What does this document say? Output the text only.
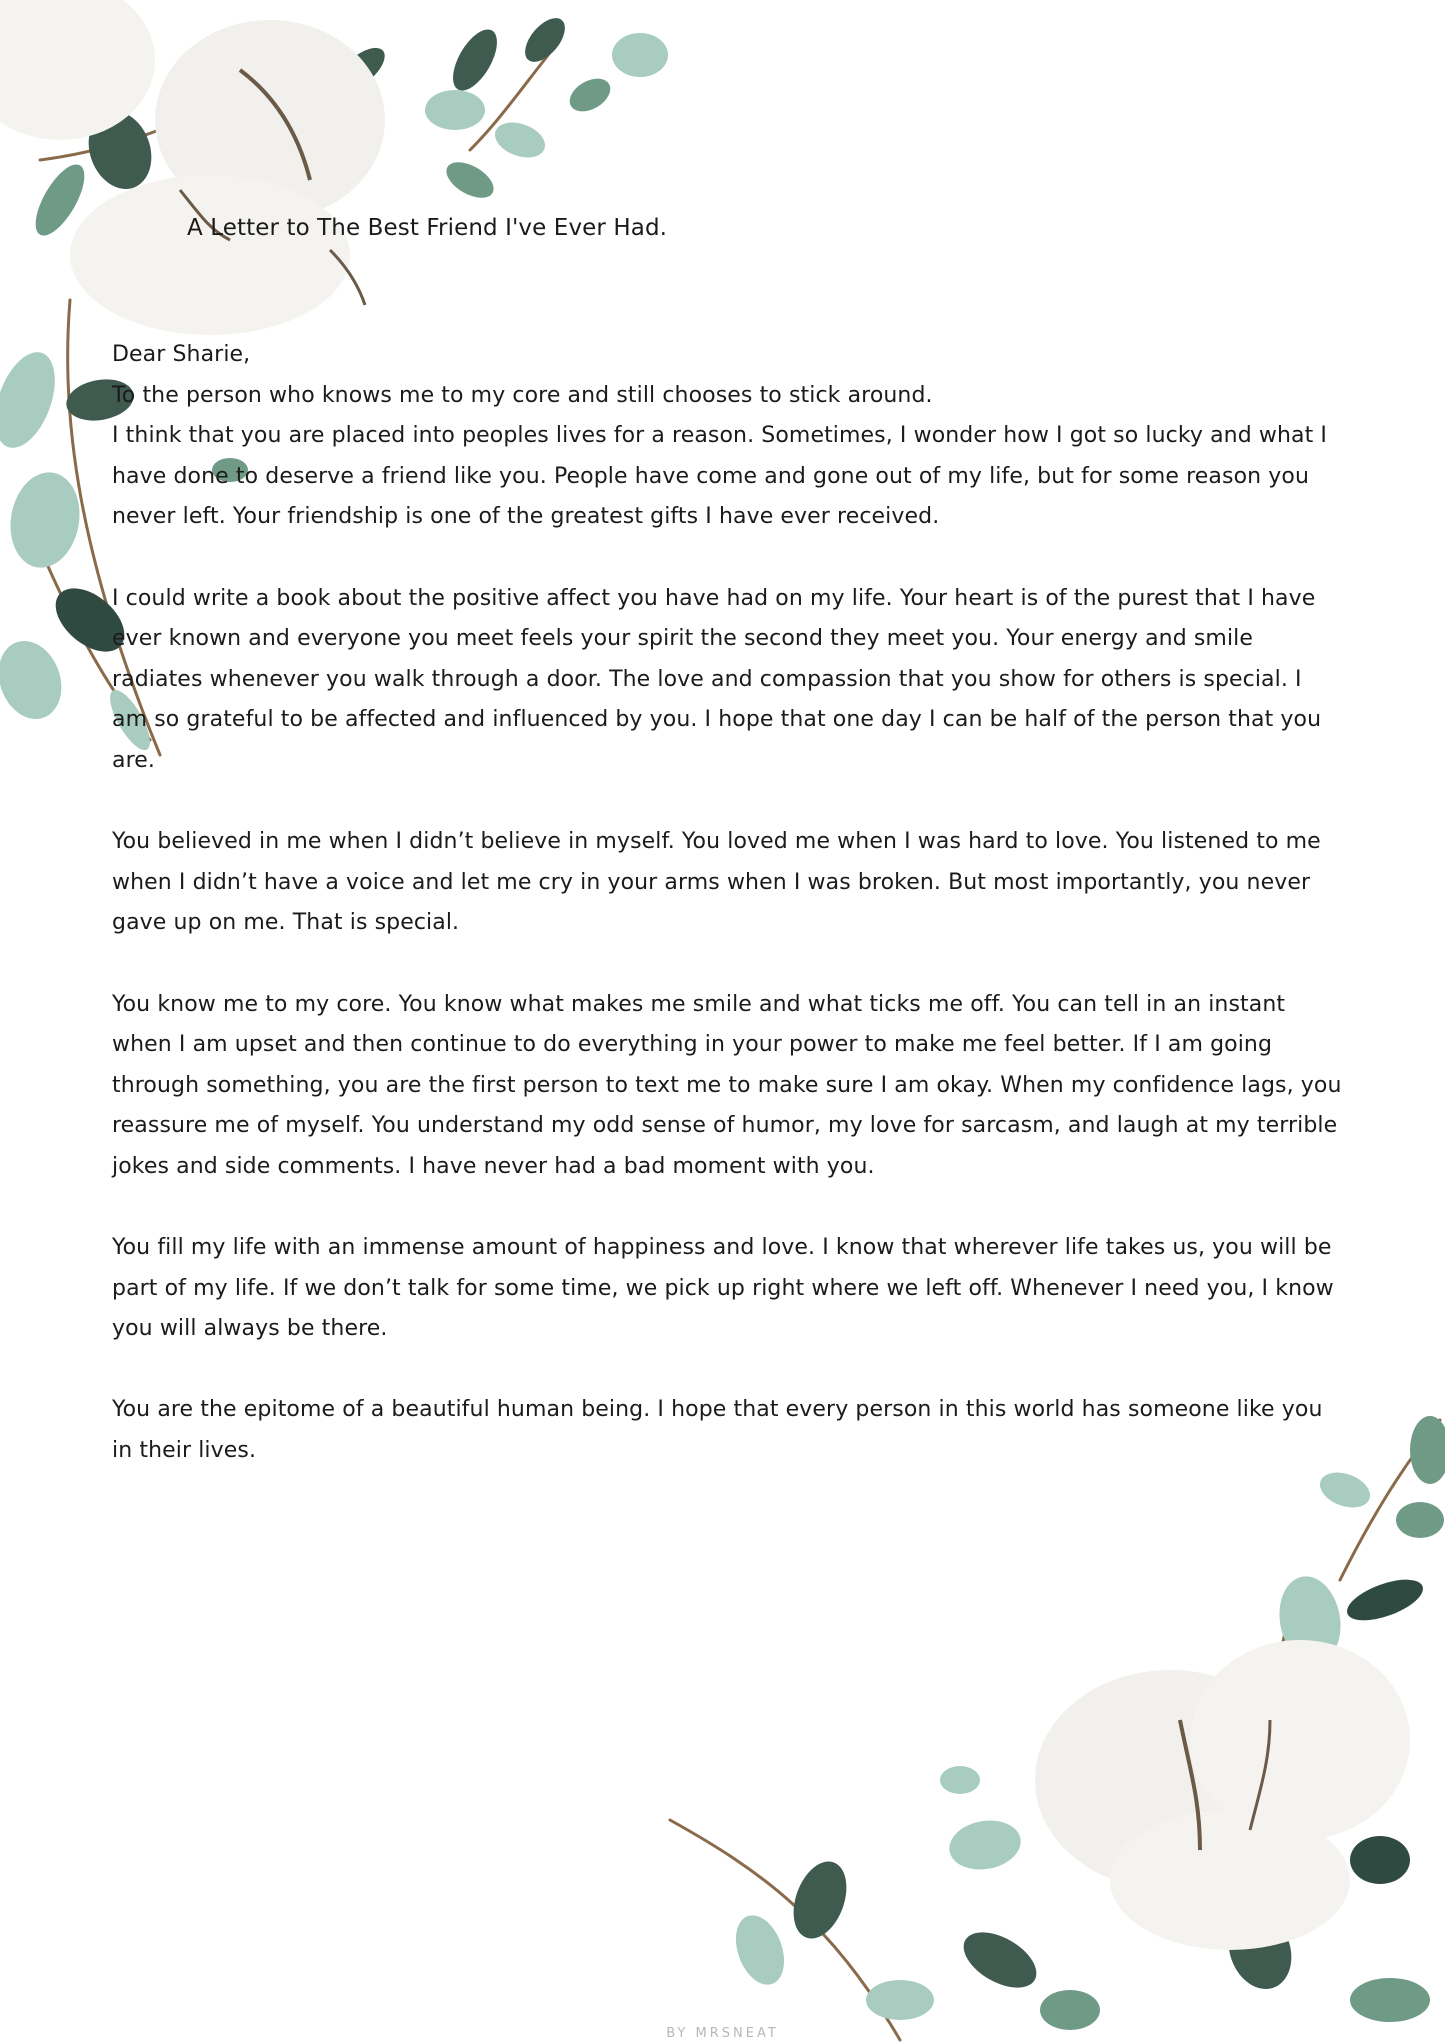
A Letter to The Best Friend I've Ever Had.

Dear Sharie,
To the person who knows me to my core and still chooses to stick around.
I think that you are placed into peoples lives for a reason. Sometimes, I wonder how I got so lucky and what I have done to deserve a friend like you. People have come and gone out of my life, but for some reason you never left. Your friendship is one of the greatest gifts I have ever received.

I could write a book about the positive affect you have had on my life. Your heart is of the purest that I have ever known and everyone you meet feels your spirit the second they meet you. Your energy and smile radiates whenever you walk through a door. The love and compassion that you show for others is special. I am so grateful to be affected and influenced by you. I hope that one day I can be half of the person that you are.

You believed in me when I didn’t believe in myself. You loved me when I was hard to love. You listened to me when I didn’t have a voice and let me cry in your arms when I was broken. But most importantly, you never gave up on me. That is special.

You know me to my core. You know what makes me smile and what ticks me off. You can tell in an instant when I am upset and then continue to do everything in your power to make me feel better. If I am going through something, you are the first person to text me to make sure I am okay. When my confidence lags, you reassure me of myself. You understand my odd sense of humor, my love for sarcasm, and laugh at my terrible jokes and side comments. I have never had a bad moment with you.

You fill my life with an immense amount of happiness and love. I know that wherever life takes us, you will be part of my life. If we don’t talk for some time, we pick up right where we left off. Whenever I need you, I know you will always be there.

You are the epitome of a beautiful human being. I hope that every person in this world has someone like you in their lives.

BY MRSNEAT
